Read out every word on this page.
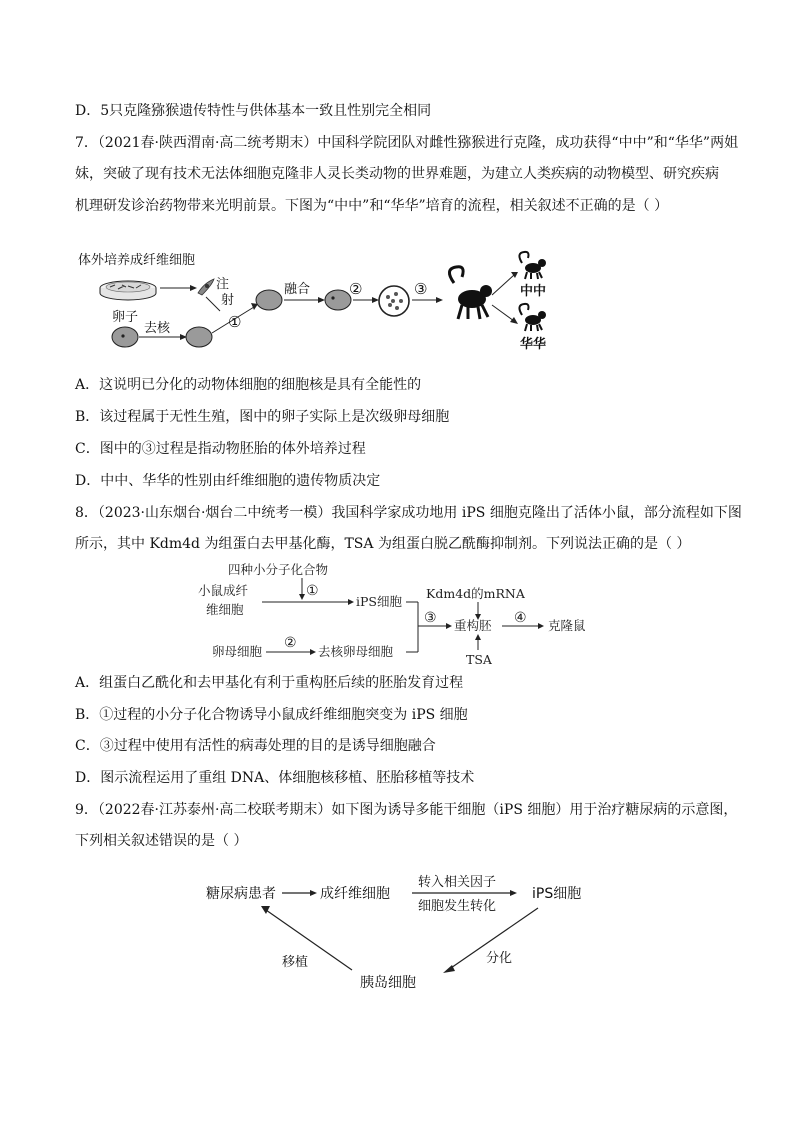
D．5只克隆猕猴遗传特性与供体基本一致且性别完全相同
7．（2021春·陕西渭南·高二统考期末）中国科学院团队对雌性猕猴进行克隆，成功获得“中中”和“华华”两姐
妹，突破了现有技术无法体细胞克隆非人灵长类动物的世界难题，为建立人类疾病的动物模型、研究疾病
机理研发诊治药物带来光明前景。下图为“中中”和“华华”培育的流程，相关叙述不正确的是（ ）
体外培养成纤维细胞
注
射
卵子
去核	①
融合	②	③	中中
华华
A．这说明已分化的动物体细胞的细胞核是具有全能性的
B．该过程属于无性生殖，图中的卵子实际上是次级卵母细胞
C．图中的③过程是指动物胚胎的体外培养过程
D．中中、华华的性别由纤维细胞的遗传物质决定
8．（2023·山东烟台·烟台二中统考一模）我国科学家成功地用 iPS 细胞克隆出了活体小鼠，部分流程如下图
所示，其中 Kdm4d 为组蛋白去甲基化酶，TSA 为组蛋白脱乙酰酶抑制剂。下列说法正确的是（ ）
四种小分子化合物
①
小鼠成纤
维细胞
iPS细胞
Kdm4d的mRNA
③ 重构胚 ④ 克隆鼠
卵母细胞
②
去核卵母细胞
TSA
A．组蛋白乙酰化和去甲基化有利于重构胚后续的胚胎发育过程
B．①过程的小分子化合物诱导小鼠成纤维细胞突变为 iPS 细胞
C．③过程中使用有活性的病毒处理的目的是诱导细胞融合
D．图示流程运用了重组 DNA、体细胞核移植、胚胎移植等技术
9．（2022春·江苏泰州·高二校联考期末）如下图为诱导多能干细胞（iPS 细胞）用于治疗糖尿病的示意图，
下列相关叙述错误的是（ ）
糖尿病患者	成纤维细胞
转入相关因子
细胞发生转化
iPS细胞
分化
胰岛细胞
移植
